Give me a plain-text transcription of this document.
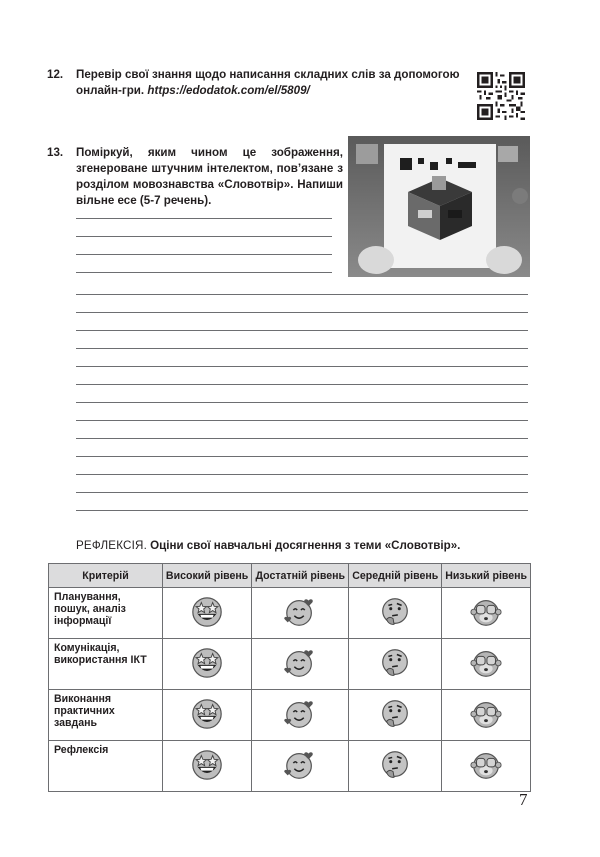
12.	Перевір свої знання щодо написання складних слів за допомогою онлайн-гри. https://edodatok.com/el/5809/
13.	Поміркуй, яким чином це зображення, згенероване штучним інтелектом, пов’язане з розділом мовознавства «Словотвір». Напиши вільне есе (5-7 речень).
РЕФЛЕКСІЯ. Оціни свої навчальні досягнення з теми «Словотвір».
Критерій	Високий рівень	Достатній рівень	Середній рівень	Низький рівень
Планування, пошук, аналіз інформації				
Комунікація, використання ІКТ				
Виконання практичних завдань				
Рефлексія				
7
